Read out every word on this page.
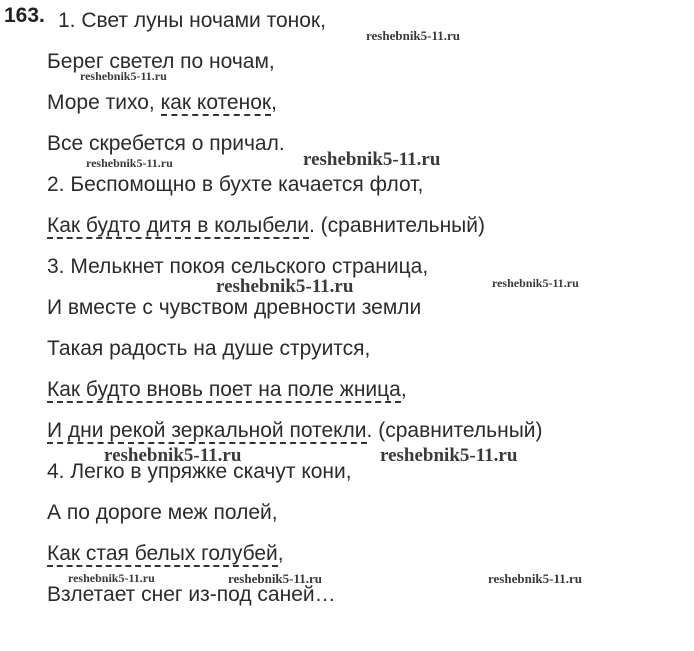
163. 1. Свет луны ночами тонок,
Берег светел по ночам,
Море тихо, как котенок,
Все скребется о причал.
2. Беспомощно в бухте качается флот,
Как будто дитя в колыбели. (сравнительный)
3. Мелькнет покоя сельского страница,
И вместе с чувством древности земли
Такая радость на душе струится,
Как будто вновь поет на поле жница,
И дни рекой зеркальной потекли. (сравнительный)
4. Легко в упряжке скачут кони,
А по дороге меж полей,
Как стая белых голубей,
Взлетает снег из-под саней…
reshebnik5-11.ru
reshebnik5-11.ru
reshebnik5-11.ru	reshebnik5-11.ru
reshebnik5-11.ru
reshebnik5-11.ru
reshebnik5-11.ru	reshebnik5-11.ru
reshebnik5-11.ru	reshebnik5-11.ru	reshebnik5-11.ru
